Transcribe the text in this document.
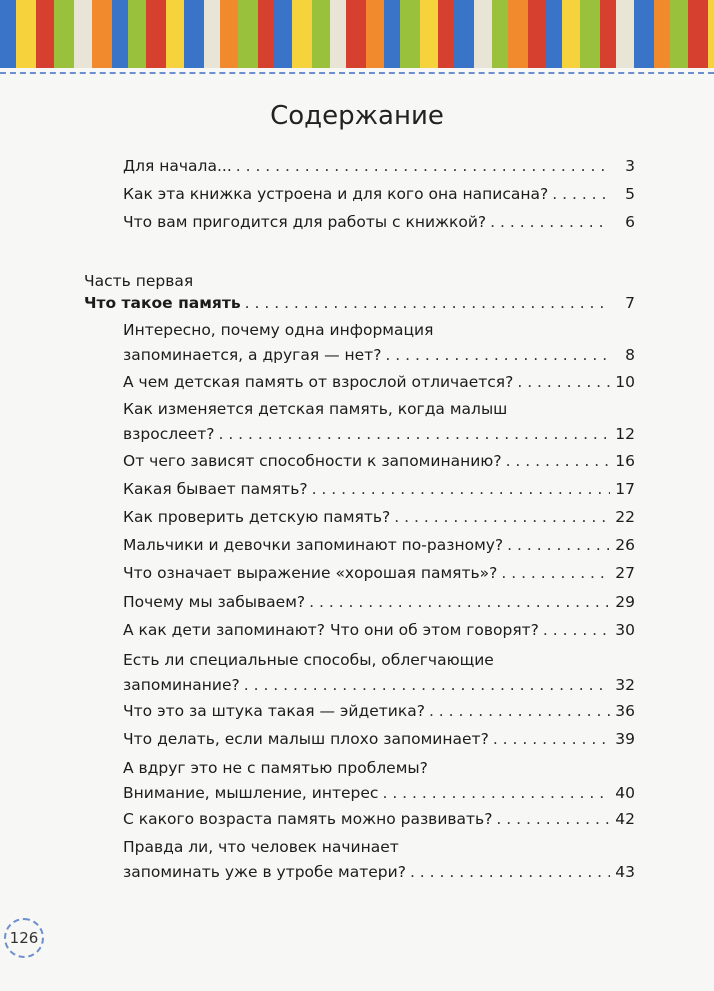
Содержание
Часть первая
Для начала... . . .	3
Как эта книжка устроена и для кого она написана? . . .	5
Что вам пригодится для работы с книжкой? . . .	6
Что такое память . . .	7
Интересно, почему одна информация
запоминается, а другая — нет? . . .	8
А чем детская память от взрослой отличается? . . .	10
Как изменяется детская память, когда малыш
взрослеет? . . .	12
От чего зависят способности к запоминанию? . . .	16
Какая бывает память? . . .	17
Как проверить детскую память? . . .	22
Мальчики и девочки запоминают по-разному? . . .	26
Что означает выражение «хорошая память»? . . .	27
Почему мы забываем? . . .	29
А как дети запоминают? Что они об этом говорят? . . .	30
Есть ли специальные способы, облегчающие
запоминание? . . .	32
Что это за штука такая — эйдетика? . . .	36
Что делать, если малыш плохо запоминает? . . .	39
А вдруг это не с памятью проблемы?
Внимание, мышление, интерес . . .	40
С какого возраста память можно развивать? . . .	42
Правда ли, что человек начинает
запоминать уже в утробе матери? . . .	43
126
